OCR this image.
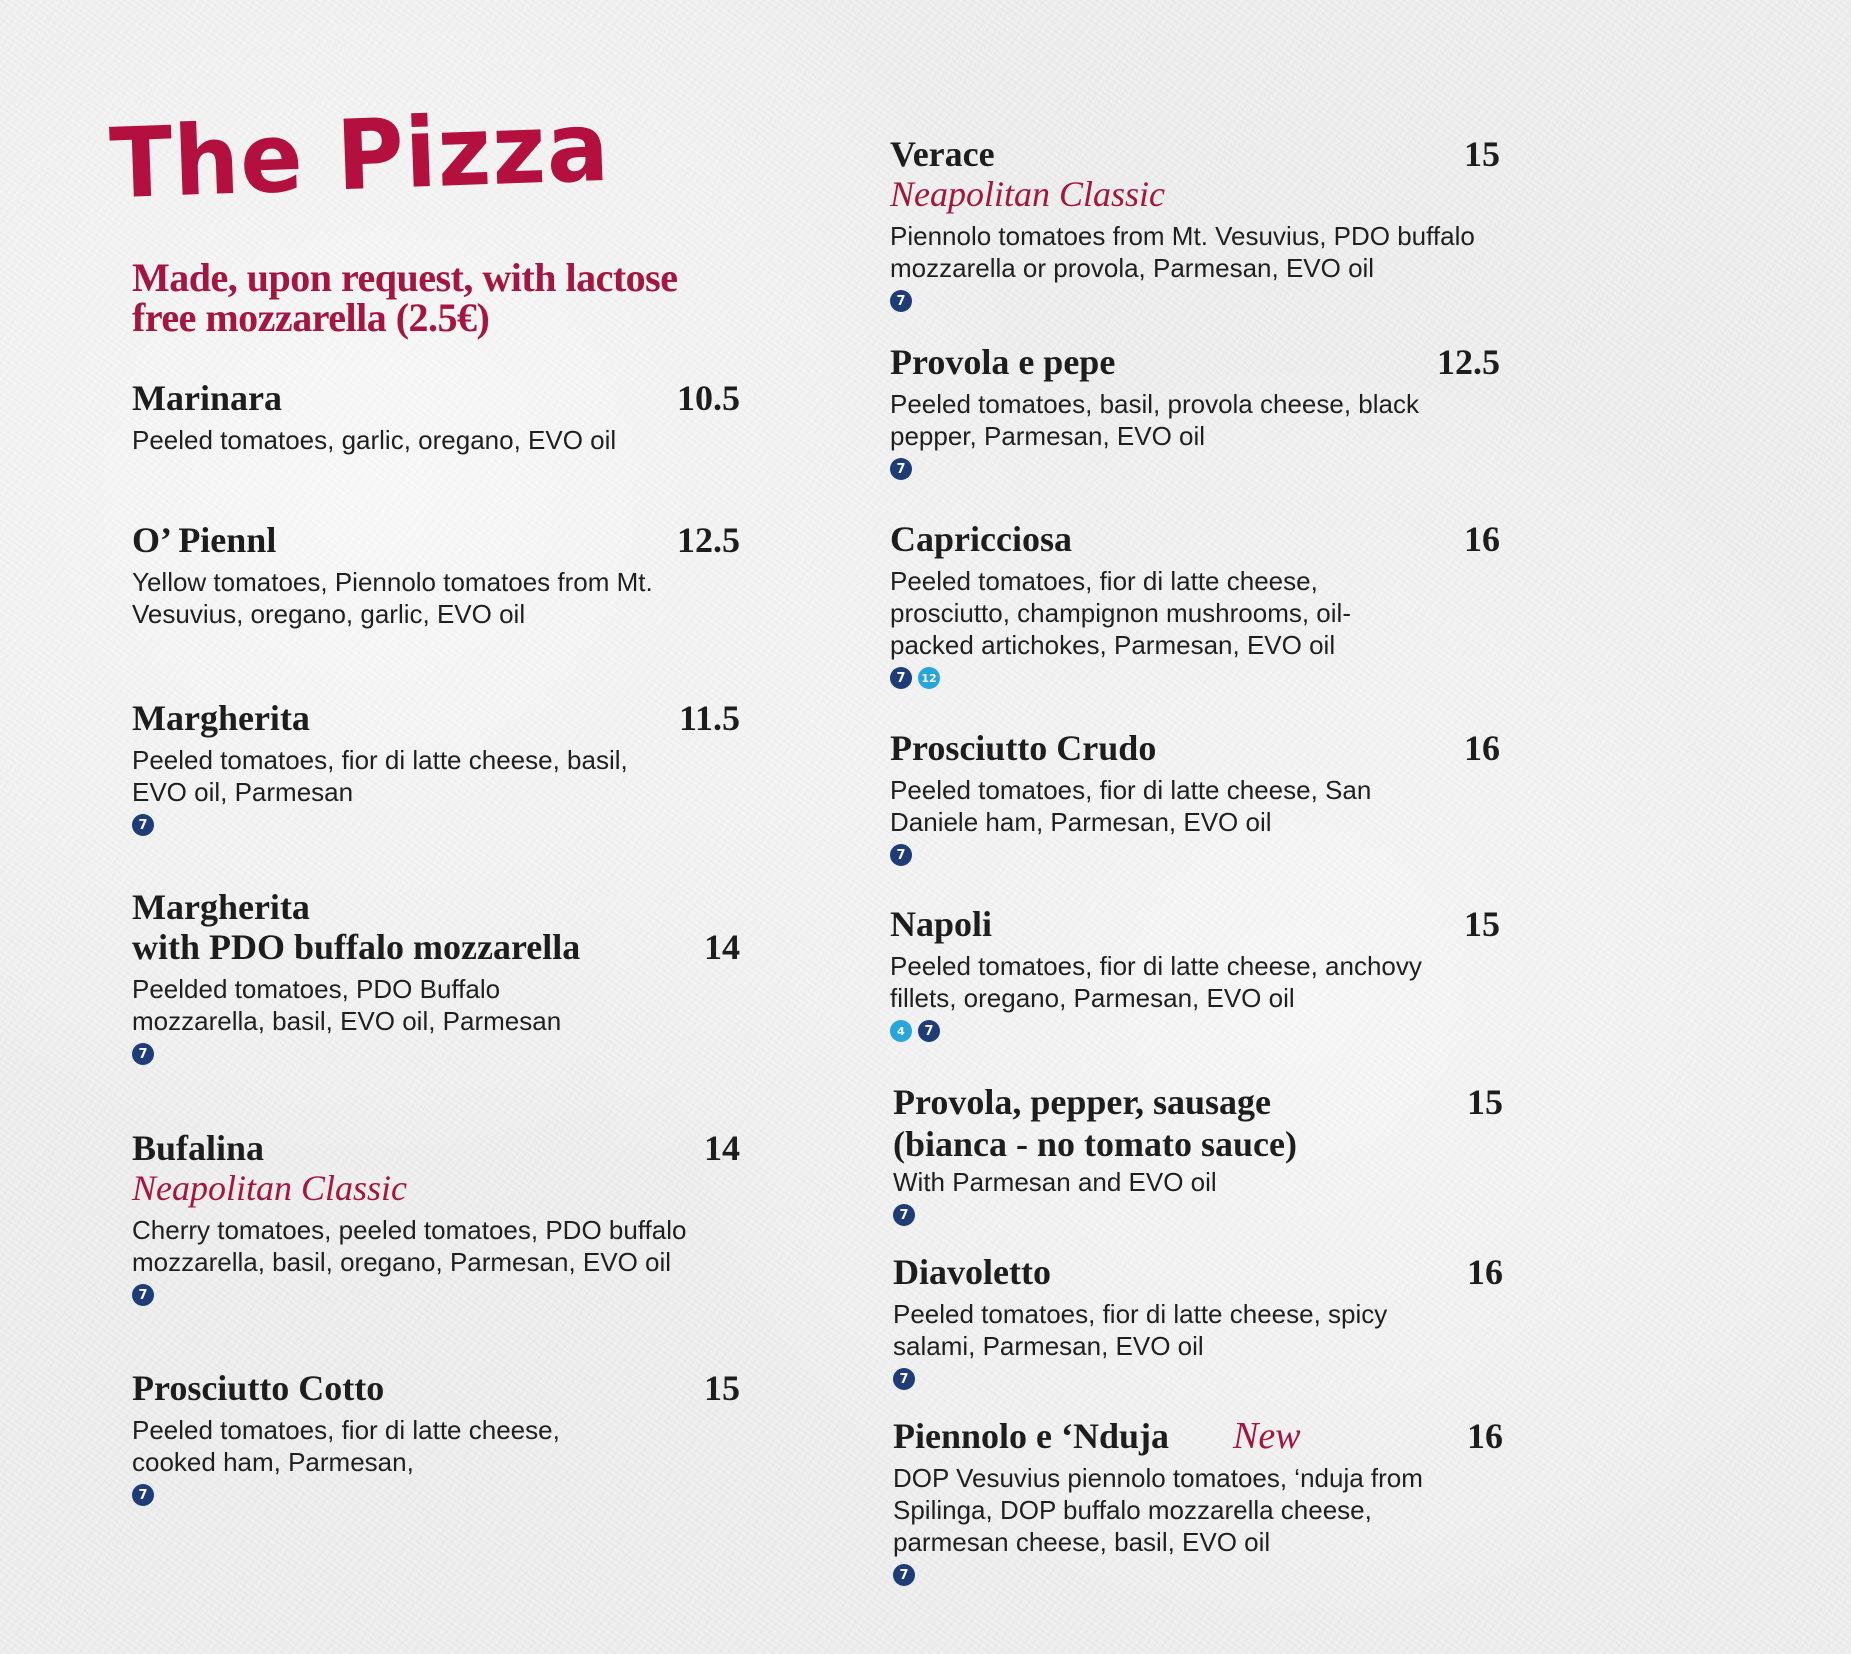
The Pizza
Made, upon request, with lactose free mozzarella (2.5€)
10.5
Marinara
Peeled tomatoes, garlic, oregano, EVO oil
12.5
O’ Piennl
Yellow tomatoes, Piennolo tomatoes from Mt. Vesuvius, oregano, garlic, EVO oil
11.5
Margherita
Peeled tomatoes, fior di latte cheese, basil, EVO oil, Parmesan
7
14
Margherita
with PDO buffalo mozzarella
Peelded tomatoes, PDO Buffalo mozzarella, basil, EVO oil, Parmesan
7
14
Bufalina
Neapolitan Classic
Cherry tomatoes, peeled tomatoes, PDO buffalo mozzarella, basil, oregano, Parmesan, EVO oil
7
15
Prosciutto Cotto
Peeled tomatoes, fior di latte cheese, cooked ham, Parmesan,
7
15
Verace
Neapolitan Classic
Piennolo tomatoes from Mt. Vesuvius, PDO buffalo mozzarella or provola, Parmesan, EVO oil
7
12.5
Provola e pepe
Peeled tomatoes, basil, provola cheese, black pepper, Parmesan, EVO oil
7
16
Capricciosa
Peeled tomatoes, fior di latte cheese, prosciutto, champignon mushrooms, oil-packed artichokes, Parmesan, EVO oil
7	12
16
Prosciutto Crudo
Peeled tomatoes, fior di latte cheese, San Daniele ham, Parmesan, EVO oil
7
15
Napoli
Peeled tomatoes, fior di latte cheese, anchovy fillets, oregano, Parmesan, EVO oil
4	7
15
Provola, pepper, sausage
(bianca - no tomato sauce)
With Parmesan and EVO oil
7
16
Diavoletto
Peeled tomatoes, fior di latte cheese, spicy salami, Parmesan, EVO oil
7
16
New
Piennolo e ‘Nduja
DOP Vesuvius piennolo tomatoes, ‘nduja from Spilinga, DOP buffalo mozzarella cheese, parmesan cheese, basil, EVO oil
7
